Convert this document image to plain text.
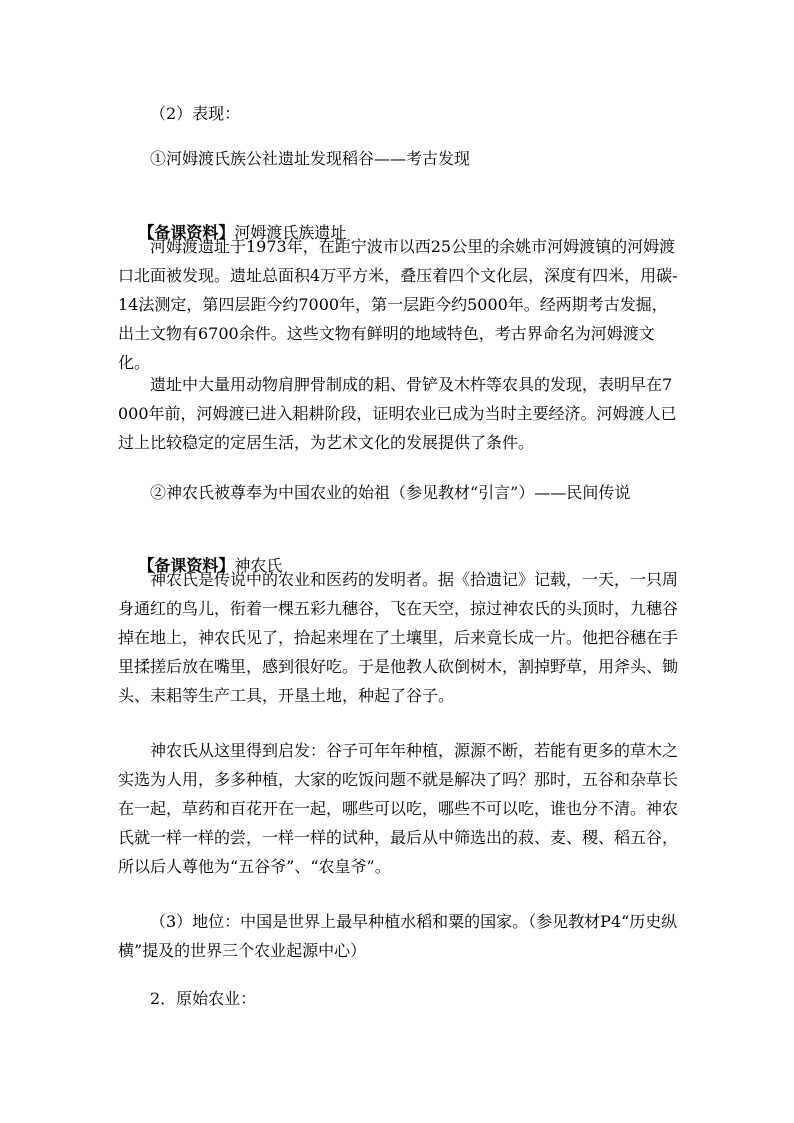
（2）表现：
①河姆渡氏族公社遗址发现稻谷——考古发现

【备课资料】河姆渡氏族遗址

河姆渡遗址于1973年，在距宁波市以西25公里的余姚市河姆渡镇的河姆渡口北面被发现。遗址总面积4万平方米，叠压着四个文化层，深度有四米，用碳-14法测定，第四层距今约7000年，第一层距今约5000年。经两期考古发掘，出土文物有6700余件。这些文物有鲜明的地域特色，考古界命名为河姆渡文化。
遗址中大量用动物肩胛骨制成的耜、骨铲及木杵等农具的发现，表明早在7000年前，河姆渡已进入耜耕阶段，证明农业已成为当时主要经济。河姆渡人已过上比较稳定的定居生活，为艺术文化的发展提供了条件。
②神农氏被尊奉为中国农业的始祖（参见教材“引言”）——民间传说

【备课资料】神农氏

神农氏是传说中的农业和医药的发明者。据《拾遗记》记载，一天，一只周身通红的鸟儿，衔着一棵五彩九穗谷，飞在天空，掠过神农氏的头顶时，九穗谷掉在地上，神农氏见了，拾起来埋在了土壤里，后来竟长成一片。他把谷穗在手里揉搓后放在嘴里，感到很好吃。于是他教人砍倒树木，割掉野草，用斧头、锄头、耒耜等生产工具，开垦土地，种起了谷子。
神农氏从这里得到启发：谷子可年年种植，源源不断，若能有更多的草木之实选为人用，多多种植，大家的吃饭问题不就是解决了吗？那时，五谷和杂草长在一起，草药和百花开在一起，哪些可以吃，哪些不可以吃，谁也分不清。神农氏就一样一样的尝，一样一样的试种，最后从中筛选出的菽、麦、稷、稻五谷，所以后人尊他为“五谷爷”、“农皇爷”。
（3）地位：中国是世界上最早种植水稻和粟的国家。（参见教材P4“历史纵横”提及的世界三个农业起源中心）
2．原始农业：
